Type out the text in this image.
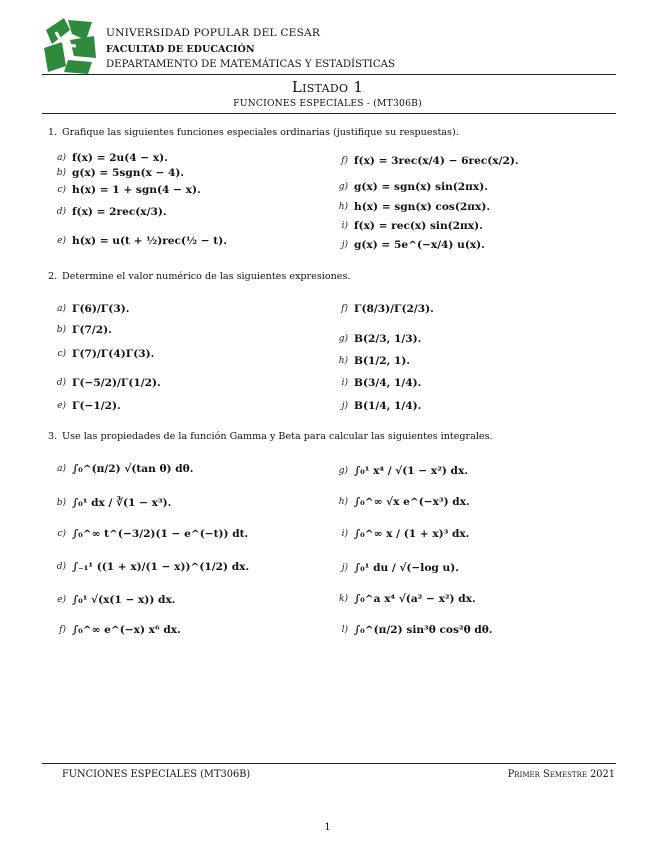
UNIVERSIDAD POPULAR DEL CESAR
FACULTAD DE EDUCACIÓN
DEPARTAMENTO DE MATEMÁTICAS Y ESTADÍSTICAS
Listado 1
FUNCIONES ESPECIALES - (MT306B)
1. Grafique las siguientes funciones especiales ordinarias (justifique su respuestas).
a) f(x) = 2u(4 − x).
b) g(x) = 5sgn(x − 4).
c) h(x) = 1 + sgn(4 − x).
d) f(x) = 2rec(x/3).
e) h(x) = u(t + ½)rec(½ − t).
f) f(x) = 3rec(x/4) − 6rec(x/2).
g) g(x) = sgn(x) sin(2πx).
h) h(x) = sgn(x) cos(2πx).
i) f(x) = rec(x) sin(2πx).
j) g(x) = 5e^(−x/4) u(x).
2. Determine el valor numérico de las siguientes expresiones.
a) Γ(6)/Γ(3).
b) Γ(7/2).
c) Γ(7)/Γ(4)Γ(3).
d) Γ(−5/2)/Γ(1/2).
e) Γ(−1/2).
f) Γ(8/3)/Γ(2/3).
g) B(2/3, 1/3).
h) B(1/2, 1).
i) B(3/4, 1/4).
j) B(1/4, 1/4).
3. Use las propiedades de la función Gamma y Beta para calcular las siguientes integrales.
a) ∫₀^(π/2) √(tan θ) dθ.
b) ∫₀¹ dx / ∛(1 − x³).
c) ∫₀^∞ t^(−3/2)(1 − e^(−t)) dt.
d) ∫₋₁¹ ((1 + x)/(1 − x))^(1/2) dx.
e) ∫₀¹ √(x(1 − x)) dx.
f) ∫₀^∞ e^(−x) x⁶ dx.
g) ∫₀¹ x⁴ / √(1 − x²) dx.
h) ∫₀^∞ √x e^(−x³) dx.
i) ∫₀^∞ x / (1 + x)³ dx.
j) ∫₀¹ du / √(−log u).
k) ∫₀^a x⁴ √(a² − x²) dx.
l) ∫₀^(π/2) sin³θ cos²θ dθ.
FUNCIONES ESPECIALES (MT306B)	Primer Semestre 2021
1
